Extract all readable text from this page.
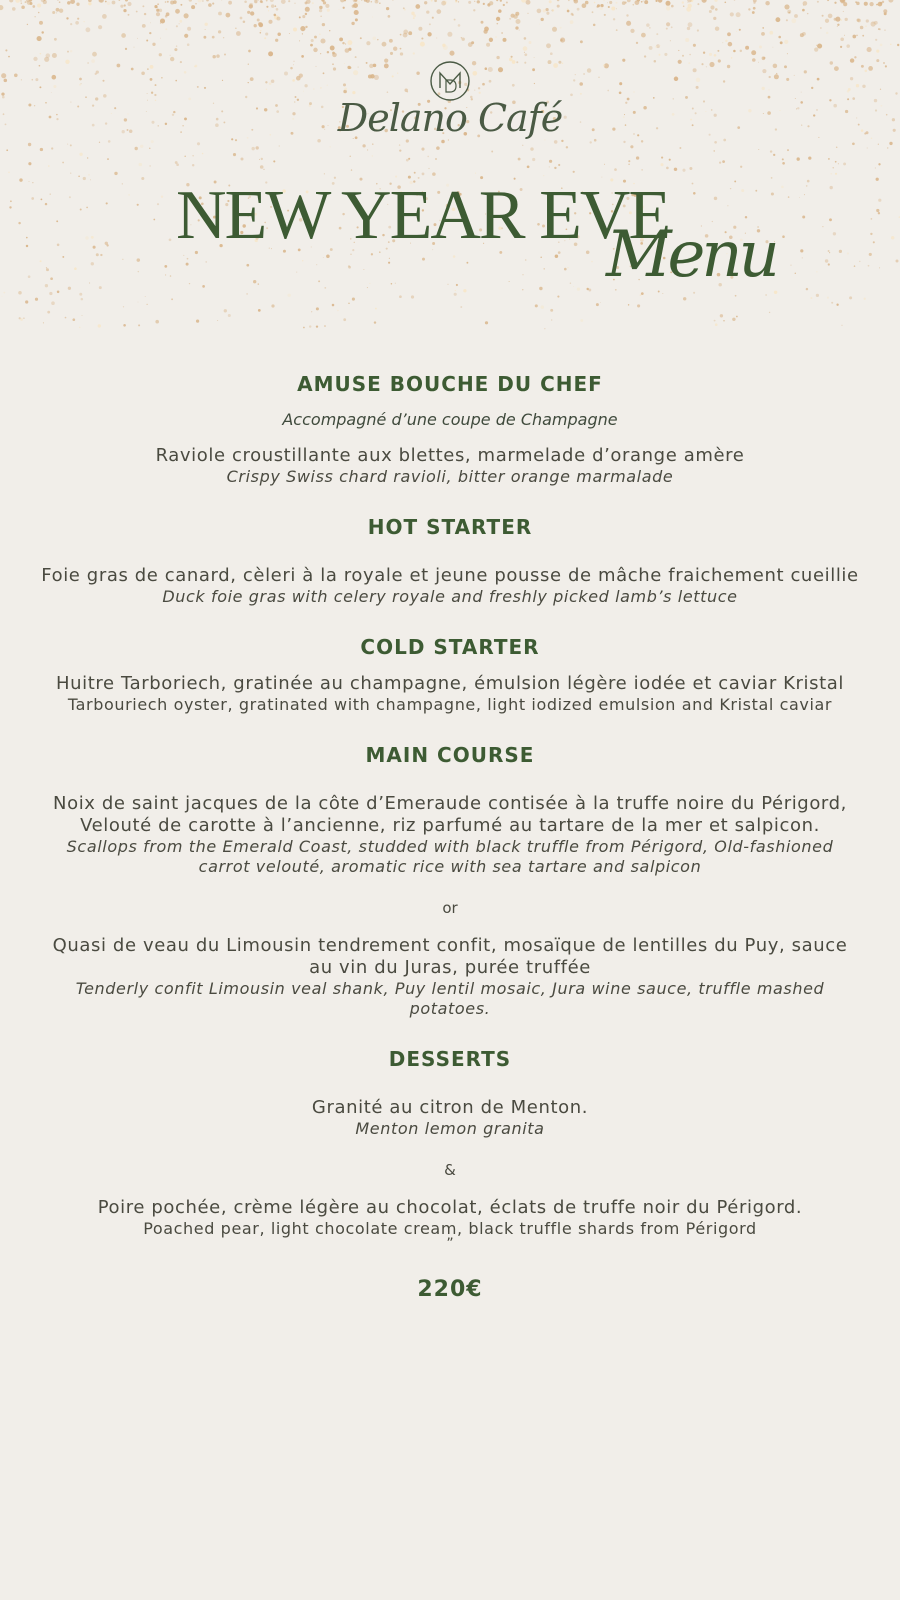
Delano Café
NEW YEAR EVE
Menu
AMUSE BOUCHE DU CHEF
Accompagné d’une coupe de Champagne
Raviole croustillante aux blettes, marmelade d’orange amère
Crispy Swiss chard ravioli, bitter orange marmalade
HOT STARTER
Foie gras de canard, cèleri à la royale et jeune pousse de mâche fraichement cueillie
Duck foie gras with celery royale and freshly picked lamb’s lettuce
COLD STARTER
Huitre Tarboriech, gratinée au champagne, émulsion légère iodée et caviar Kristal
Tarbouriech oyster, gratinated with champagne, light iodized emulsion and Kristal caviar
MAIN COURSE
Noix de saint jacques de la côte d’Emeraude contisée à la truffe noire du Périgord, Velouté de carotte à l’ancienne, riz parfumé au tartare de la mer et salpicon.
Scallops from the Emerald Coast, studded with black truffle from Périgord, Old-fashioned carrot velouté, aromatic rice with sea tartare and salpicon
or
Quasi de veau du Limousin tendrement confit, mosaïque de lentilles du Puy, sauce au vin du Juras, purée truffée
Tenderly confit Limousin veal shank, Puy lentil mosaic, Jura wine sauce, truffle mashed potatoes.
DESSERTS
Granité au citron de Menton.
Menton lemon granita
&
Poire pochée, crème légère au chocolat, éclats de truffe noir du Périgord.
Poached pear, light chocolate cream, black truffle shards from Périgord
”
220€
